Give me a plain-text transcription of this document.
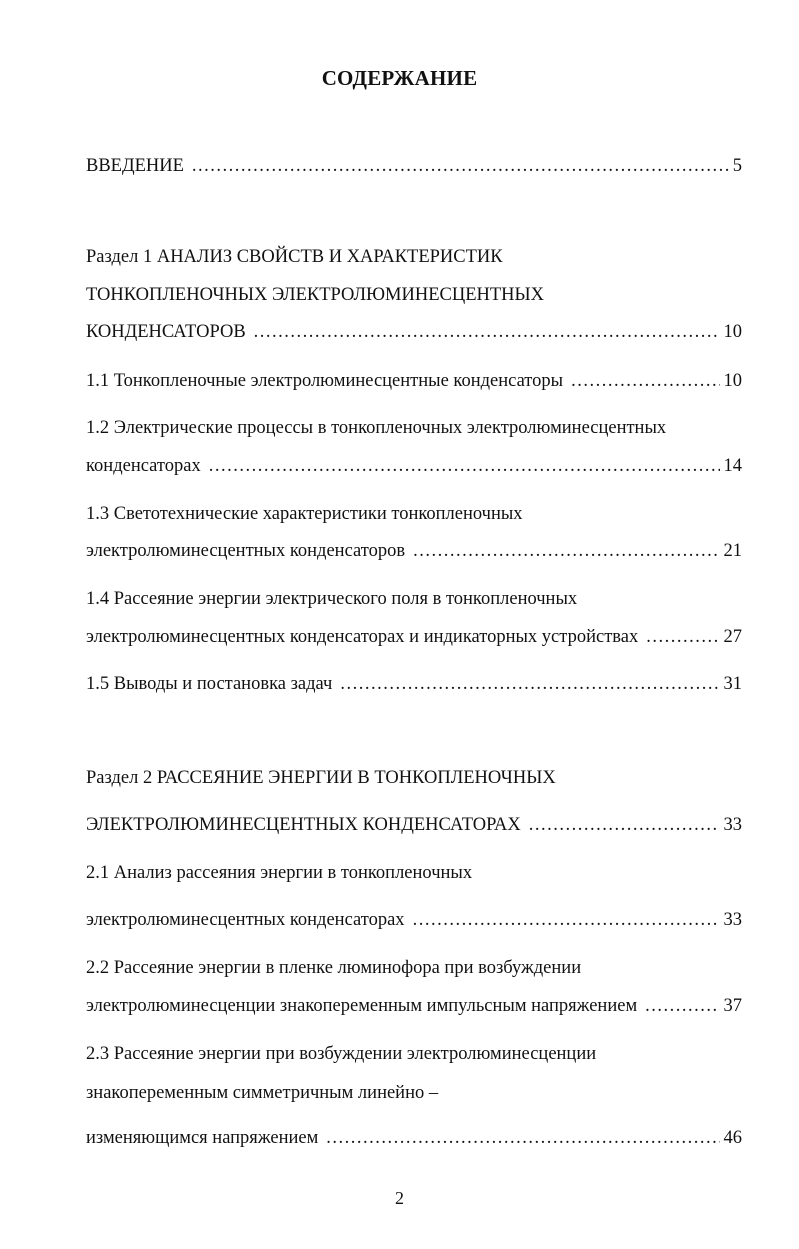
СОДЕРЖАНИЕ
ВВЕДЕНИЕ .....	5
Раздел 1 АНАЛИЗ СВОЙСТВ И ХАРАКТЕРИСТИК
ТОНКОПЛЕНОЧНЫХ ЭЛЕКТРОЛЮМИНЕСЦЕНТНЫХ
КОНДЕНСАТОРОВ .....	10
1.1 Тонкопленочные электролюминесцентные конденсаторы .....	10
1.2 Электрические процессы в тонкопленочных электролюминесцентных
конденсаторах .....	14
1.3 Светотехнические характеристики тонкопленочных
электролюминесцентных конденсаторов .....	21
1.4 Рассеяние энергии электрического поля в тонкопленочных
электролюминесцентных конденсаторах и индикаторных устройствах .....	27
1.5 Выводы и постановка задач .....	31
Раздел 2 РАССЕЯНИЕ ЭНЕРГИИ В ТОНКОПЛЕНОЧНЫХ
ЭЛЕКТРОЛЮМИНЕСЦЕНТНЫХ КОНДЕНСАТОРАХ .....	33
2.1 Анализ рассеяния энергии в тонкопленочных
электролюминесцентных конденсаторах .....	33
2.2 Рассеяние энергии в пленке люминофора при возбуждении
электролюминесценции знакопеременным импульсным напряжением .....	37
2.3 Рассеяние энергии при возбуждении электролюминесценции
знакопеременным симметричным линейно –
изменяющимся напряжением .....	46
2
